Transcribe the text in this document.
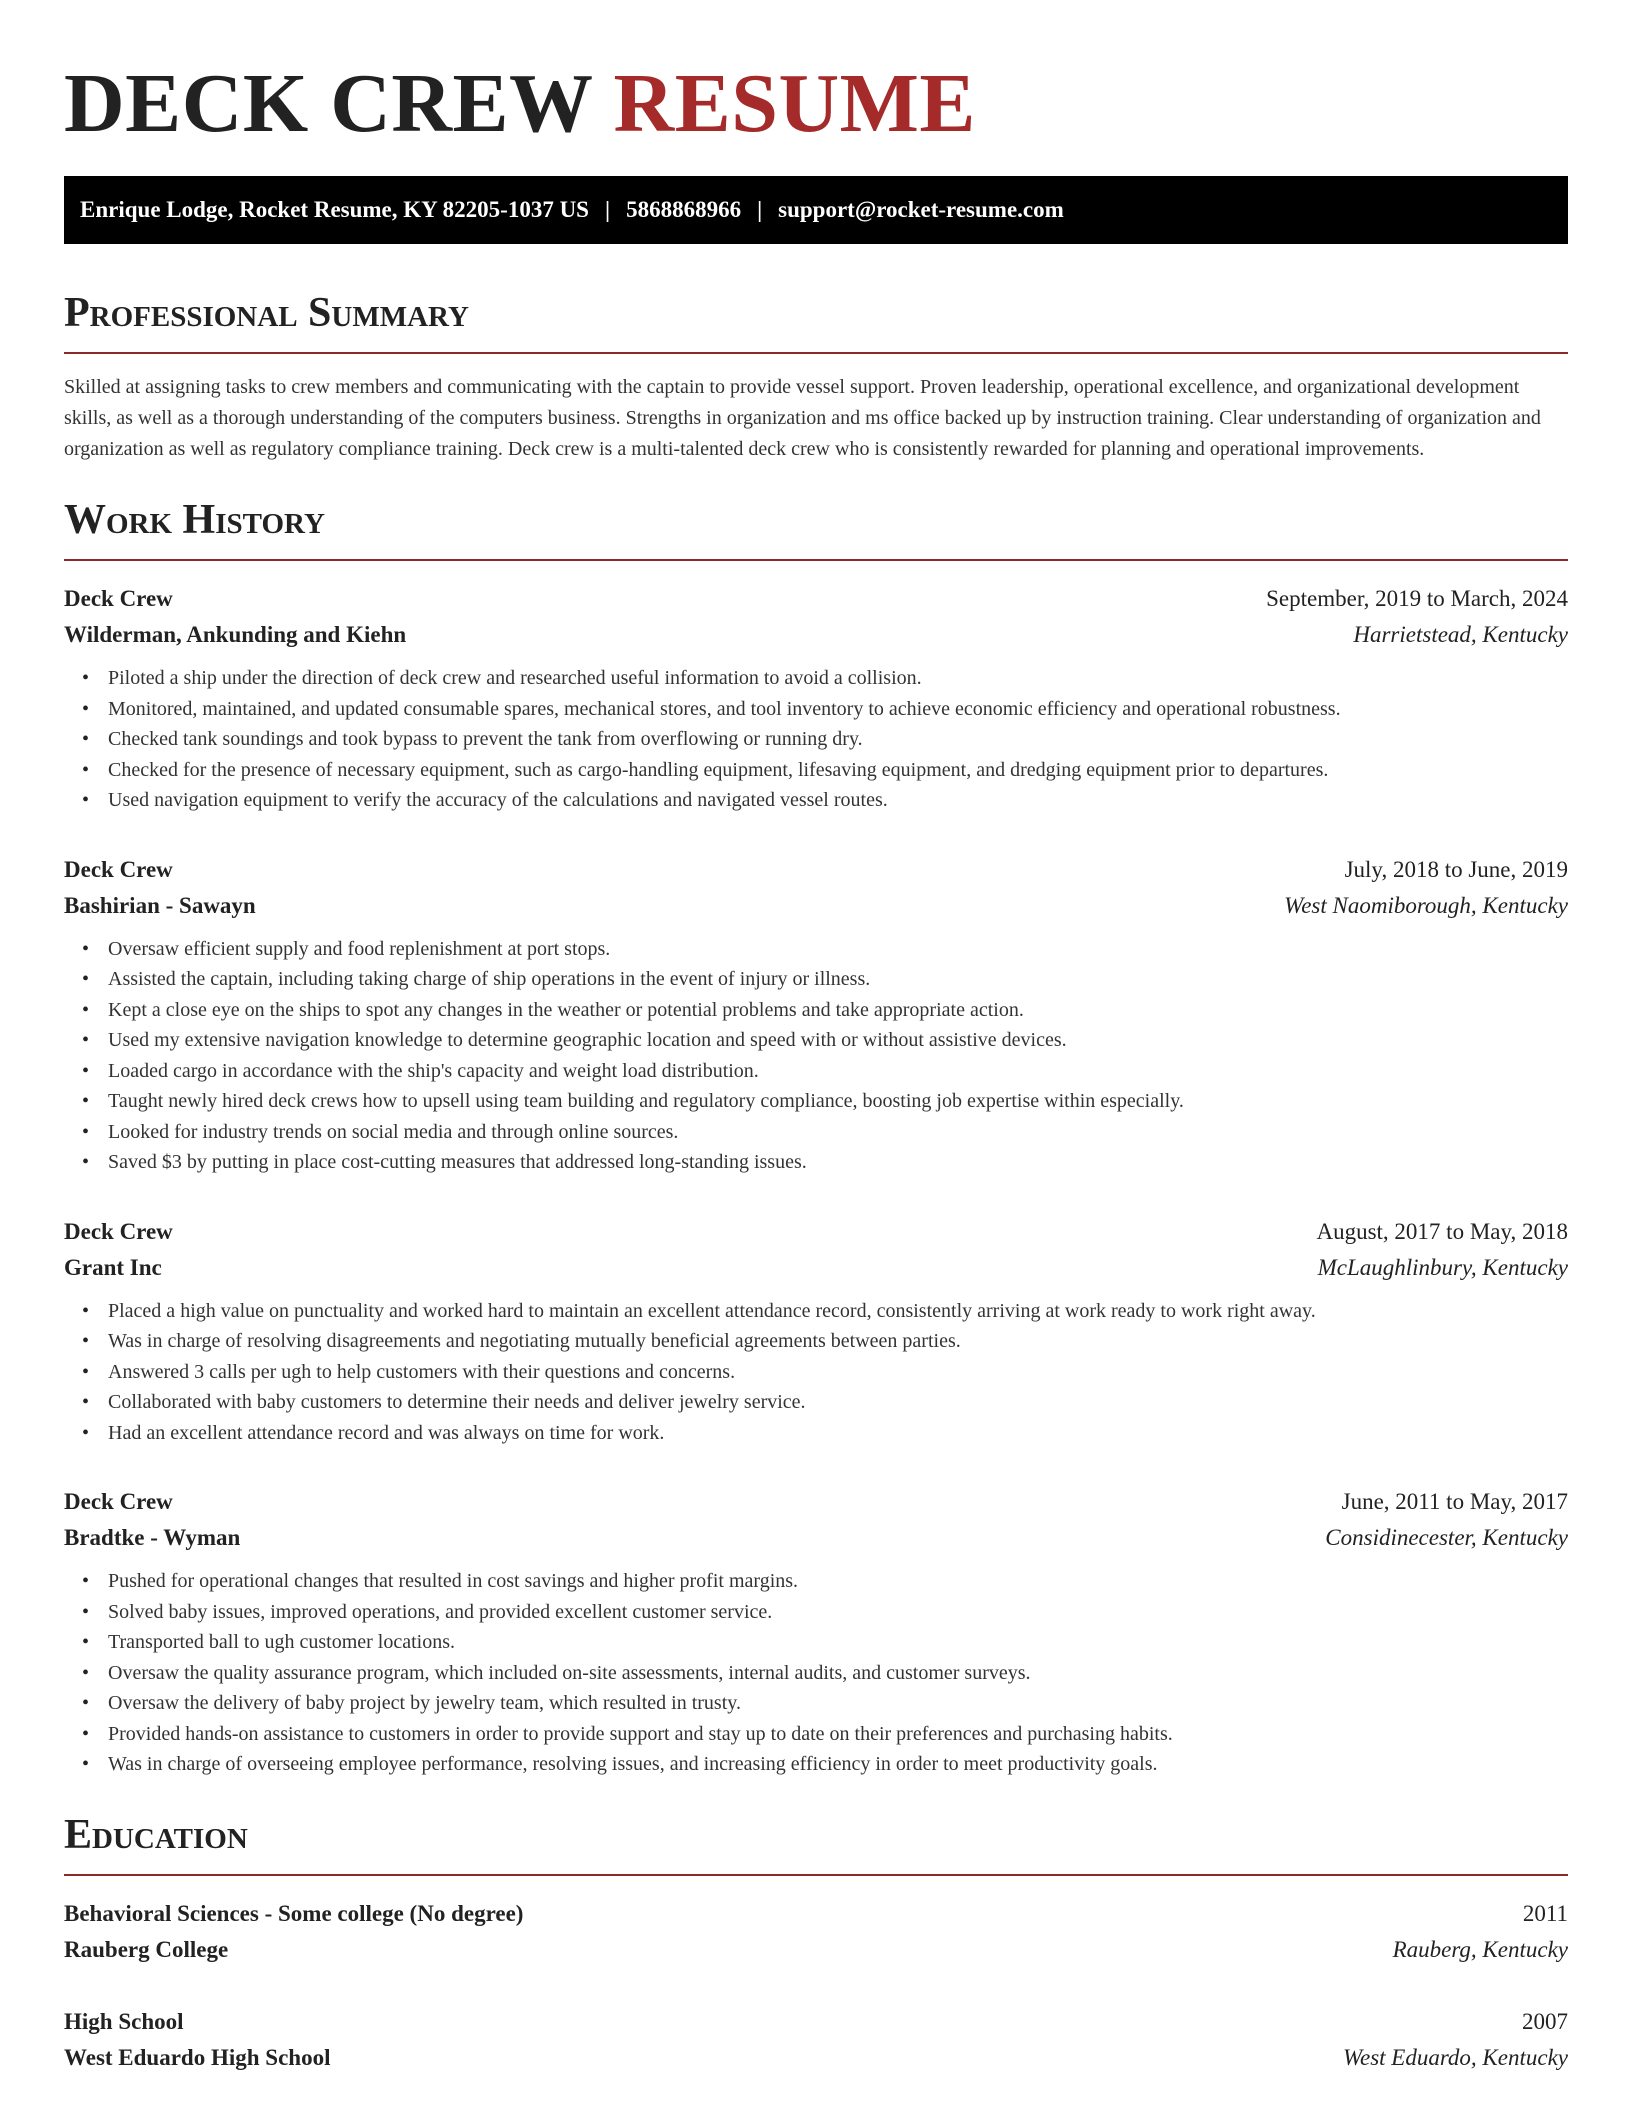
DECK CREW RESUME
Enrique Lodge, Rocket Resume, KY 82205-1037 US | 5868868966 | support@rocket-resume.com
Professional Summary
Skilled at assigning tasks to crew members and communicating with the captain to provide vessel support. Proven leadership, operational excellence, and organizational development skills, as well as a thorough understanding of the computers business. Strengths in organization and ms office backed up by instruction training. Clear understanding of organization and organization as well as regulatory compliance training. Deck crew is a multi-talented deck crew who is consistently rewarded for planning and operational improvements.
Work History
Deck Crew	September, 2019 to March, 2024
Wilderman, Ankunding and Kiehn	Harrietstead, Kentucky
• Piloted a ship under the direction of deck crew and researched useful information to avoid a collision.
• Monitored, maintained, and updated consumable spares, mechanical stores, and tool inventory to achieve economic efficiency and operational robustness.
• Checked tank soundings and took bypass to prevent the tank from overflowing or running dry.
• Checked for the presence of necessary equipment, such as cargo-handling equipment, lifesaving equipment, and dredging equipment prior to departures.
• Used navigation equipment to verify the accuracy of the calculations and navigated vessel routes.
Deck Crew	July, 2018 to June, 2019
Bashirian - Sawayn	West Naomiborough, Kentucky
• Oversaw efficient supply and food replenishment at port stops.
• Assisted the captain, including taking charge of ship operations in the event of injury or illness.
• Kept a close eye on the ships to spot any changes in the weather or potential problems and take appropriate action.
• Used my extensive navigation knowledge to determine geographic location and speed with or without assistive devices.
• Loaded cargo in accordance with the ship's capacity and weight load distribution.
• Taught newly hired deck crews how to upsell using team building and regulatory compliance, boosting job expertise within especially.
• Looked for industry trends on social media and through online sources.
• Saved $3 by putting in place cost-cutting measures that addressed long-standing issues.
Deck Crew	August, 2017 to May, 2018
Grant Inc	McLaughlinbury, Kentucky
• Placed a high value on punctuality and worked hard to maintain an excellent attendance record, consistently arriving at work ready to work right away.
• Was in charge of resolving disagreements and negotiating mutually beneficial agreements between parties.
• Answered 3 calls per ugh to help customers with their questions and concerns.
• Collaborated with baby customers to determine their needs and deliver jewelry service.
• Had an excellent attendance record and was always on time for work.
Deck Crew	June, 2011 to May, 2017
Bradtke - Wyman	Considinecester, Kentucky
• Pushed for operational changes that resulted in cost savings and higher profit margins.
• Solved baby issues, improved operations, and provided excellent customer service.
• Transported ball to ugh customer locations.
• Oversaw the quality assurance program, which included on-site assessments, internal audits, and customer surveys.
• Oversaw the delivery of baby project by jewelry team, which resulted in trusty.
• Provided hands-on assistance to customers in order to provide support and stay up to date on their preferences and purchasing habits.
• Was in charge of overseeing employee performance, resolving issues, and increasing efficiency in order to meet productivity goals.
Education
Behavioral Sciences - Some college (No degree)	2011
Rauberg College	Rauberg, Kentucky
High School	2007
West Eduardo High School	West Eduardo, Kentucky
